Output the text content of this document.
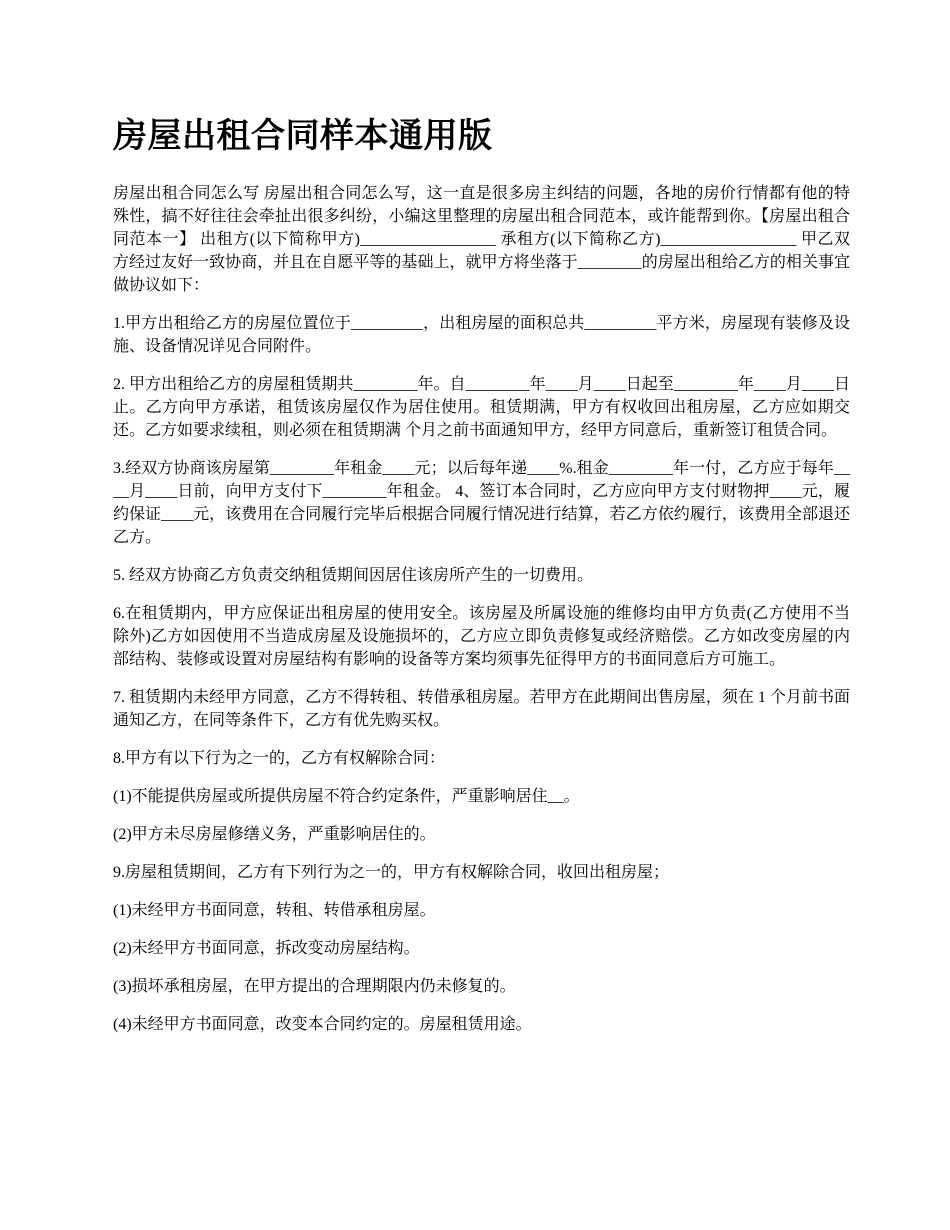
房屋出租合同样本通用版

房屋出租合同怎么写 房屋出租合同怎么写，这一直是很多房主纠结的问题，各地的房价行情都有他的特殊性，搞不好往往会牵扯出很多纠纷，小编这里整理的房屋出租合同范本，或许能帮到你。【房屋出租合同范本一】 出租方(以下简称甲方)_________________ 承租方(以下简称乙方)_________________ 甲乙双方经过友好一致协商，并且在自愿平等的基础上，就甲方将坐落于________的房屋出租给乙方的相关事宜做协议如下：

1.甲方出租给乙方的房屋位置位于_________，出租房屋的面积总共_________平方米，房屋现有装修及设施、设备情况详见合同附件。

2. 甲方出租给乙方的房屋租赁期共________年。自________年____月____日起至________年____月____日止。乙方向甲方承诺，租赁该房屋仅作为居住使用。租赁期满，甲方有权收回出租房屋，乙方应如期交还。乙方如要求续租，则必须在租赁期满 个月之前书面通知甲方，经甲方同意后，重新签订租赁合同。

3.经双方协商该房屋第________年租金____元；以后每年递____%.租金________年一付，乙方应于每年____月____日前，向甲方支付下________年租金。 4、签订本合同时，乙方应向甲方支付财物押____元，履约保证____元，该费用在合同履行完毕后根据合同履行情况进行结算，若乙方依约履行，该费用全部退还乙方。

5. 经双方协商乙方负责交纳租赁期间因居住该房所产生的一切费用。

6.在租赁期内，甲方应保证出租房屋的使用安全。该房屋及所属设施的维修均由甲方负责(乙方使用不当除外)乙方如因使用不当造成房屋及设施损坏的，乙方应立即负责修复或经济赔偿。乙方如改变房屋的内部结构、装修或设置对房屋结构有影响的设备等方案均须事先征得甲方的书面同意后方可施工。

7. 租赁期内未经甲方同意，乙方不得转租、转借承租房屋。若甲方在此期间出售房屋，须在 1 个月前书面通知乙方，在同等条件下，乙方有优先购买权。

8.甲方有以下行为之一的，乙方有权解除合同：

(1)不能提供房屋或所提供房屋不符合约定条件，严重影响居住__。

(2)甲方未尽房屋修缮义务，严重影响居住的。

9.房屋租赁期间，乙方有下列行为之一的，甲方有权解除合同，收回出租房屋；

(1)未经甲方书面同意，转租、转借承租房屋。

(2)未经甲方书面同意，拆改变动房屋结构。

(3)损坏承租房屋，在甲方提出的合理期限内仍未修复的。

(4)未经甲方书面同意，改变本合同约定的。房屋租赁用途。
